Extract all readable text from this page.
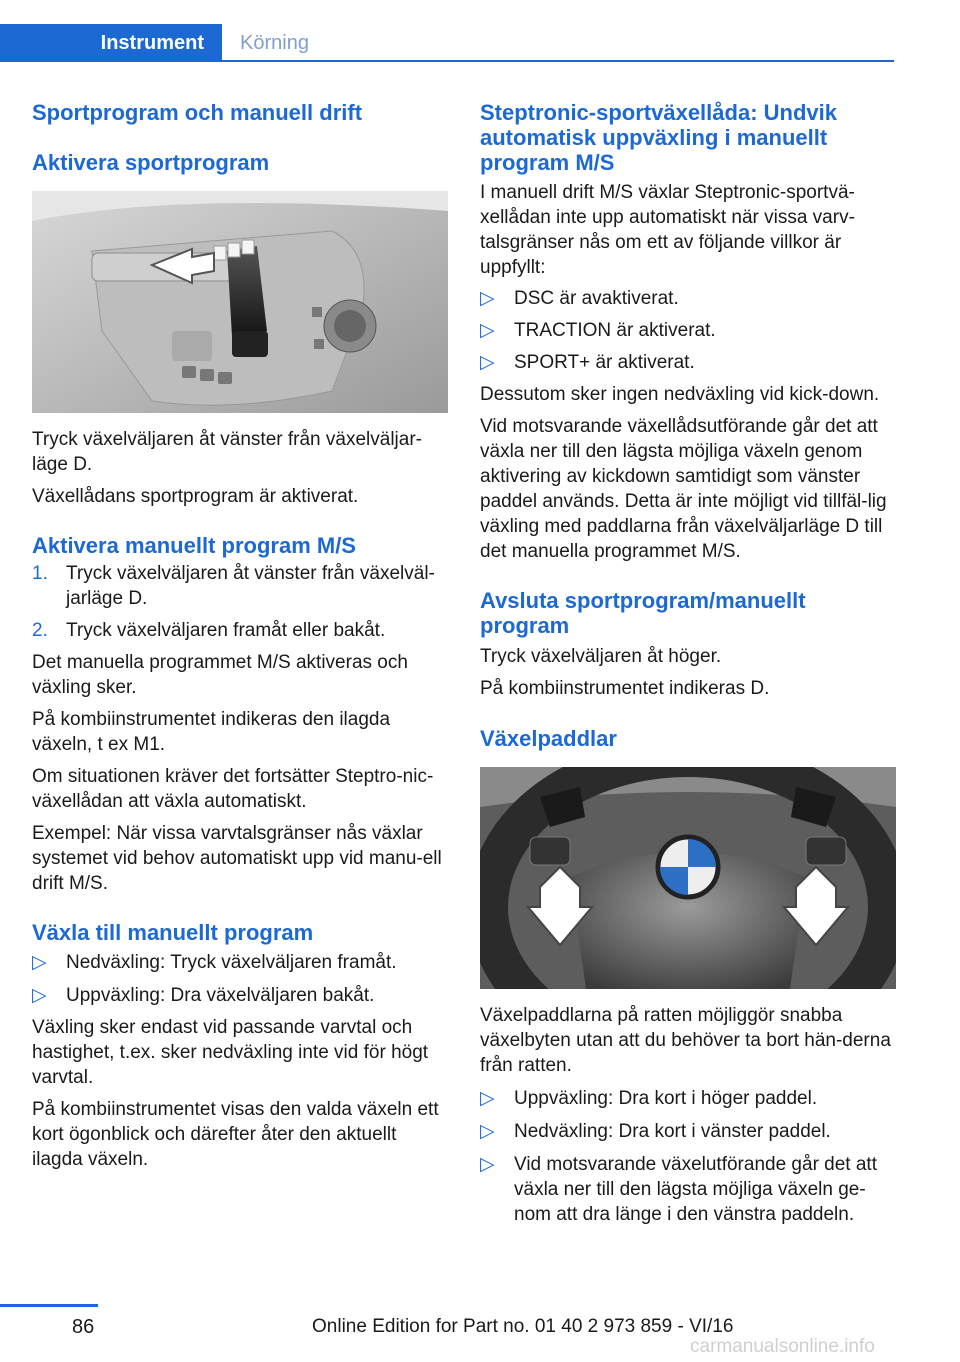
Instrument	Körning
Sportprogram och manuell drift
Aktivera sportprogram

Tryck växelväljaren åt vänster från växelväljar-läge D.

Växellådans sportprogram är aktiverat.

Aktivera manuellt program M/S
1. Tryck växelväljaren åt vänster från växelväl-jarläge D.
2. Tryck växelväljaren framåt eller bakåt.

Det manuella programmet M/S aktiveras och växling sker.

På kombiinstrumentet indikeras den ilagda växeln, t ex M1.

Om situationen kräver det fortsätter Steptro-nic-växellådan att växla automatiskt.

Exempel: När vissa varvtalsgränser nås växlar systemet vid behov automatiskt upp vid manu-ell drift M/S.

Växla till manuellt program
▷	Nedväxling: Tryck växelväljaren framåt.
▷	Uppväxling: Dra växelväljaren bakåt.

Växling sker endast vid passande varvtal och hastighet, t.ex. sker nedväxling inte vid för högt varvtal.

På kombiinstrumentet visas den valda växeln ett kort ögonblick och därefter åter den aktuellt ilagda växeln.

Steptronic-sportväxellåda: Undvik automatisk uppväxling i manuellt program M/S

I manuell drift M/S växlar Steptronic-sportvä-xellådan inte upp automatiskt när vissa varv-talsgränser nås om ett av följande villkor är uppfyllt:

▷	DSC är avaktiverat.
▷	TRACTION är aktiverat.
▷	SPORT+ är aktiverat.

Dessutom sker ingen nedväxling vid kick-down.

Vid motsvarande växellådsutförande går det att växla ner till den lägsta möjliga växeln genom aktivering av kickdown samtidigt som vänster paddel används. Detta är inte möjligt vid tillfäl-lig växling med paddlarna från växelväljarläge D till det manuella programmet M/S.

Avsluta sportprogram/manuellt program

Tryck växelväljaren åt höger.

På kombiinstrumentet indikeras D.

Växelpaddlar

Växelpaddlarna på ratten möjliggör snabba växelbyten utan att du behöver ta bort hän-derna från ratten.

▷	Uppväxling: Dra kort i höger paddel.
▷	Nedväxling: Dra kort i vänster paddel.
▷	Vid motsvarande växelutförande går det att växla ner till den lägsta möjliga växeln ge-nom att dra länge i den vänstra paddeln.
86	Online Edition for Part no. 01 40 2 973 859 - VI/16
carmanualsonline.info
